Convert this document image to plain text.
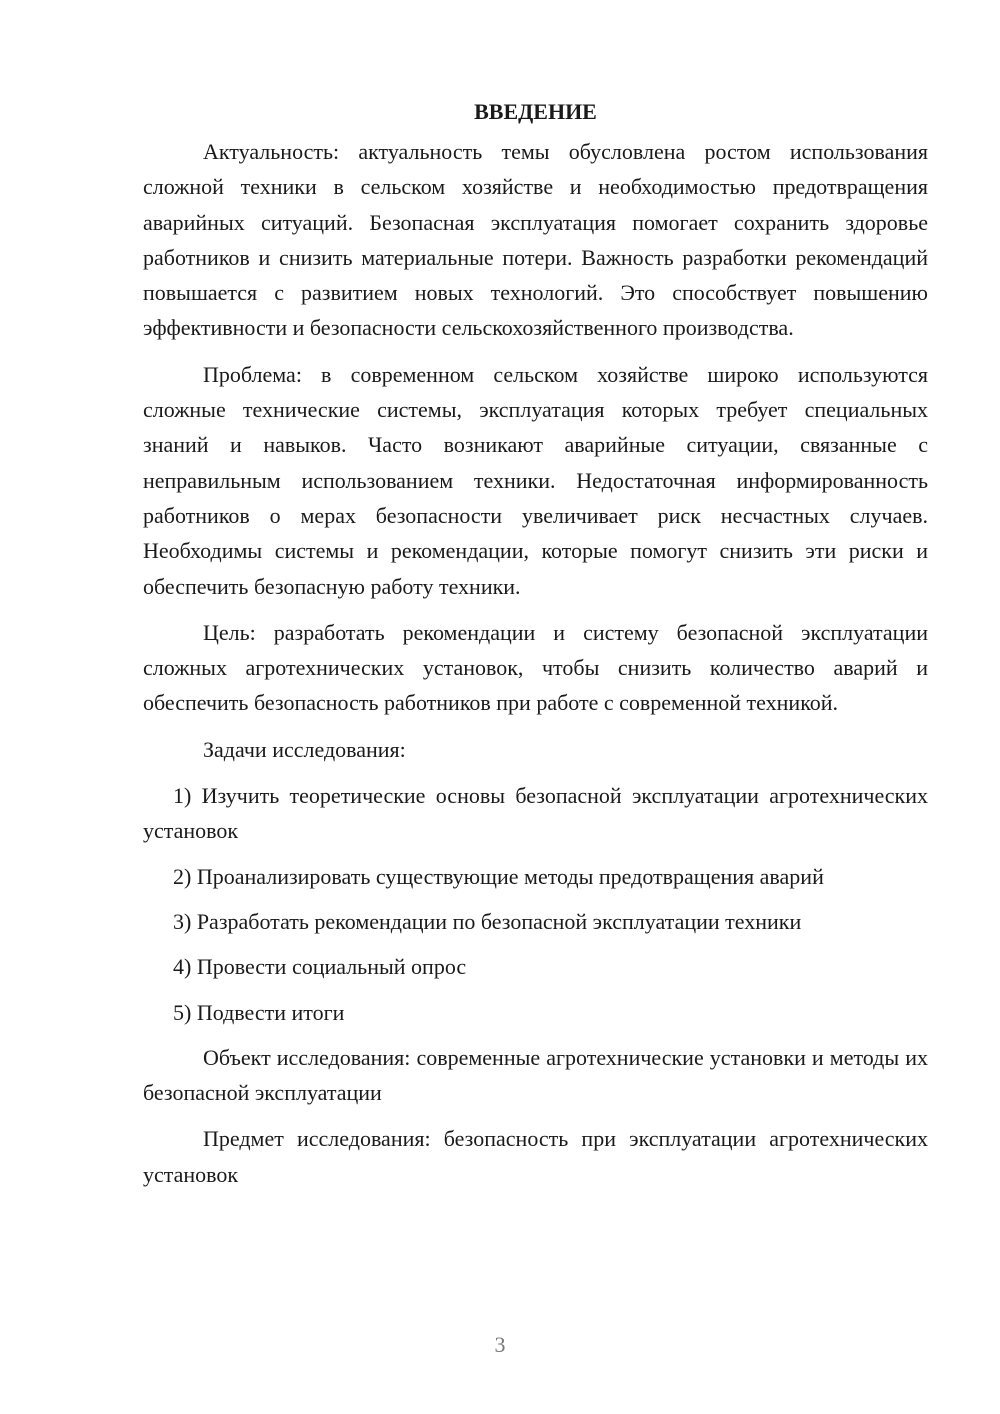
ВВЕДЕНИЕ

Актуальность: актуальность темы обусловлена ростом использования сложной техники в сельском хозяйстве и необходимостью предотвращения аварийных ситуаций. Безопасная эксплуатация помогает сохранить здоровье работников и снизить материальные потери. Важность разработки рекомендаций повышается с развитием новых технологий. Это способствует повышению эффективности и безопасности сельскохозяйственного производства.

Проблема: в современном сельском хозяйстве широко используются сложные технические системы, эксплуатация которых требует специальных знаний и навыков. Часто возникают аварийные ситуации, связанные с неправильным использованием техники. Недостаточная информированность работников о мерах безопасности увеличивает риск несчастных случаев. Необходимы системы и рекомендации, которые помогут снизить эти риски и обеспечить безопасную работу техники.

Цель: разработать рекомендации и систему безопасной эксплуатации сложных агротехнических установок, чтобы снизить количество аварий и обеспечить безопасность работников при работе с современной техникой.

Задачи исследования:

1) Изучить теоретические основы безопасной эксплуатации агротехнических установок

2) Проанализировать существующие методы предотвращения аварий

3) Разработать рекомендации по безопасной эксплуатации техники

4) Провести социальный опрос

5) Подвести итоги

Объект исследования: современные агротехнические установки и методы их безопасной эксплуатации

Предмет исследования: безопасность при эксплуатации агротехнических установок

3
